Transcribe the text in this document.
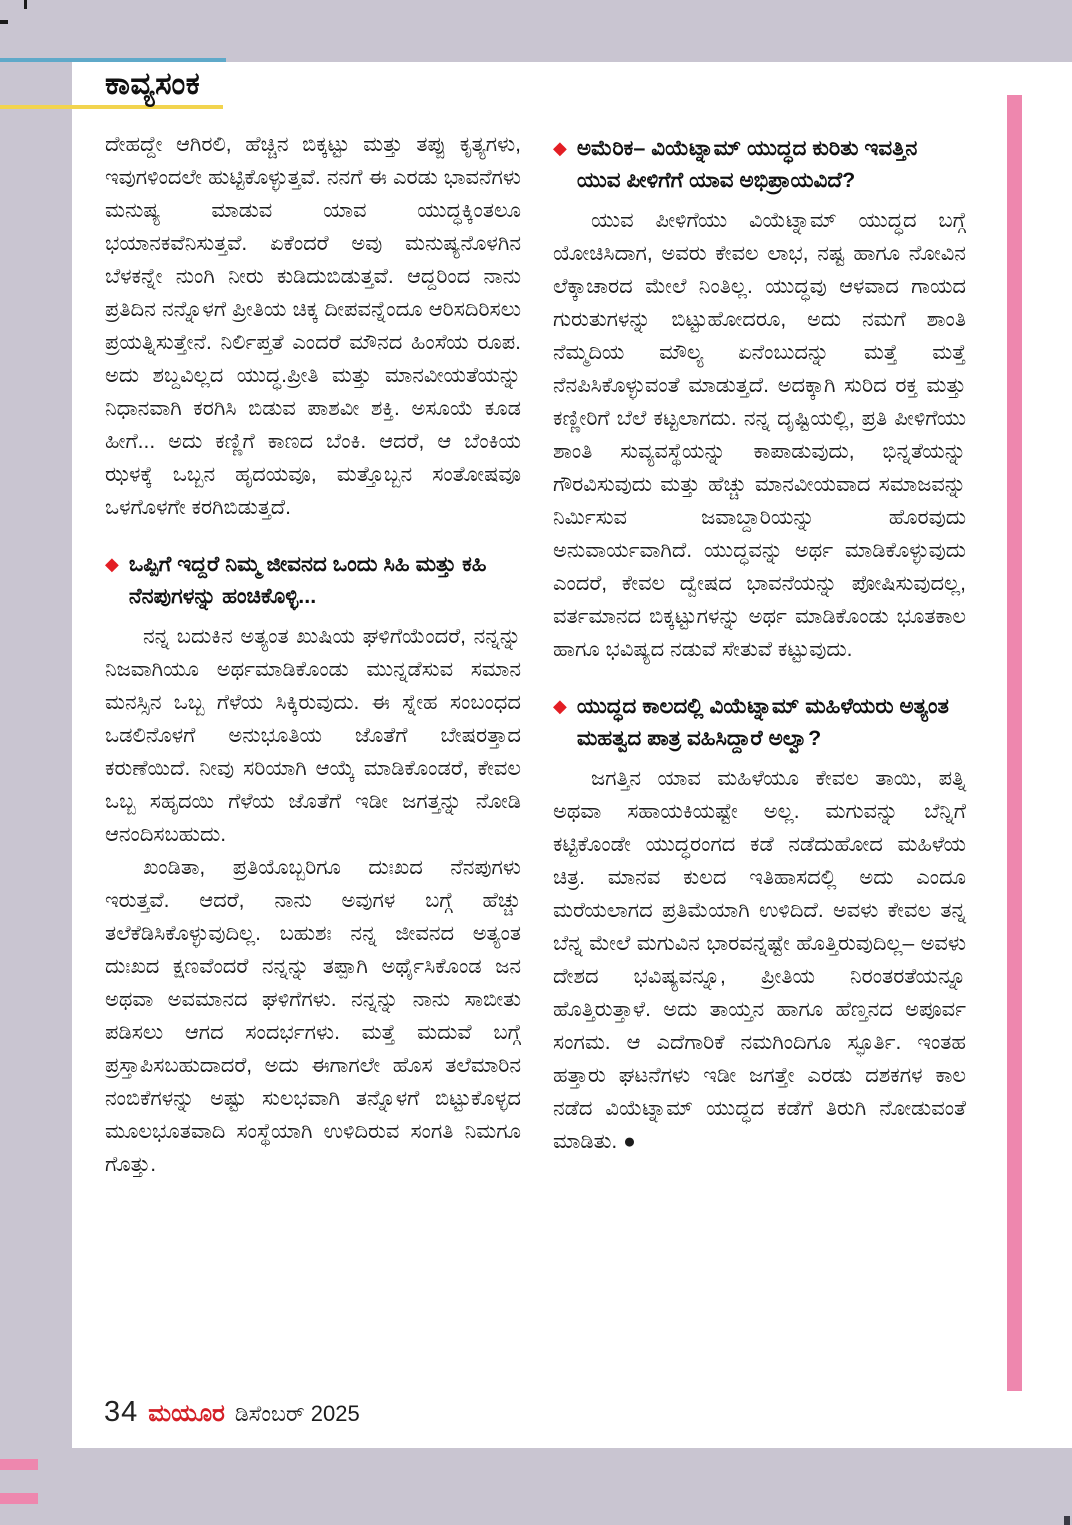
ಕಾವ್ಯಸಂಕ

ದೇಹದ್ದೇ ಆಗಿರಲಿ, ಹೆಚ್ಚಿನ ಬಿಕ್ಕಟ್ಟು ಮತ್ತು ತಪ್ಪು ಕೃತ್ಯಗಳು, ಇವುಗಳಿಂದಲೇ ಹುಟ್ಟಿಕೊಳ್ಳುತ್ತವೆ. ನನಗೆ ಈ ಎರಡು ಭಾವನೆಗಳು ಮನುಷ್ಯ ಮಾಡುವ ಯಾವ ಯುದ್ಧಕ್ಕಿಂತಲೂ ಭಯಾನಕವೆನಿಸುತ್ತವೆ. ಏಕೆಂದರೆ ಅವು ಮನುಷ್ಯನೊಳಗಿನ ಬೆಳಕನ್ನೇ ನುಂಗಿ ನೀರು ಕುಡಿದುಬಿಡುತ್ತವೆ. ಆದ್ದರಿಂದ ನಾನು ಪ್ರತಿದಿನ ನನ್ನೊಳಗೆ ಪ್ರೀತಿಯ ಚಿಕ್ಕ ದೀಪವನ್ನೆಂದೂ ಆರಿಸದಿರಿಸಲು ಪ್ರಯತ್ನಿಸುತ್ತೇನೆ. ನಿರ್ಲಿಪ್ತತೆ ಎಂದರೆ ಮೌನದ ಹಿಂಸೆಯ ರೂಪ. ಅದು ಶಬ್ದವಿಲ್ಲದ ಯುದ್ಧ.ಪ್ರೀತಿ ಮತ್ತು ಮಾನವೀಯತೆಯನ್ನು ನಿಧಾನವಾಗಿ ಕರಗಿಸಿ ಬಿಡುವ ಪಾಶವೀ ಶಕ್ತಿ. ಅಸೂಯೆ ಕೂಡ ಹೀಗೆ... ಅದು ಕಣ್ಣಿಗೆ ಕಾಣದ ಬೆಂಕಿ. ಆದರೆ, ಆ ಬೆಂಕಿಯ ಝಳಕ್ಕೆ ಒಬ್ಬನ ಹೃದಯವೂ, ಮತ್ತೊಬ್ಬನ ಸಂತೋಷವೂ ಒಳಗೊಳಗೇ ಕರಗಿಬಿಡುತ್ತದೆ.

◆ ಒಪ್ಪಿಗೆ ಇದ್ದರೆ ನಿಮ್ಮ ಜೀವನದ ಒಂದು ಸಿಹಿ ಮತ್ತು ಕಹಿ ನೆನಪುಗಳನ್ನು ಹಂಚಿಕೊಳ್ಳಿ...

ನನ್ನ ಬದುಕಿನ ಅತ್ಯಂತ ಖುಷಿಯ ಘಳಿಗೆಯೆಂದರೆ, ನನ್ನನ್ನು ನಿಜವಾಗಿಯೂ ಅರ್ಥಮಾಡಿಕೊಂಡು ಮುನ್ನಡೆಸುವ ಸಮಾನ ಮನಸ್ಸಿನ ಒಬ್ಬ ಗೆಳೆಯ ಸಿಕ್ಕಿರುವುದು. ಈ ಸ್ನೇಹ ಸಂಬಂಧದ ಒಡಲಿನೊಳಗೆ ಅನುಭೂತಿಯ ಜೊತೆಗೆ ಬೇಷರತ್ತಾದ ಕರುಣೆಯಿದೆ. ನೀವು ಸರಿಯಾಗಿ ಆಯ್ಕೆ ಮಾಡಿಕೊಂಡರೆ, ಕೇವಲ ಒಬ್ಬ ಸಹೃದಯಿ ಗೆಳೆಯ ಜೊತೆಗೆ ಇಡೀ ಜಗತ್ತನ್ನು ನೋಡಿ ಆನಂದಿಸಬಹುದು.

ಖಂಡಿತಾ, ಪ್ರತಿಯೊಬ್ಬರಿಗೂ ದುಃಖದ ನೆನಪುಗಳು ಇರುತ್ತವೆ. ಆದರೆ, ನಾನು ಅವುಗಳ ಬಗ್ಗೆ ಹೆಚ್ಚು ತಲೆಕೆಡಿಸಿಕೊಳ್ಳುವುದಿಲ್ಲ. ಬಹುಶಃ ನನ್ನ ಜೀವನದ ಅತ್ಯಂತ ದುಃಖದ ಕ್ಷಣವೆಂದರೆ ನನ್ನನ್ನು ತಪ್ಪಾಗಿ ಅರ್ಥೈಸಿಕೊಂಡ ಜನ ಅಥವಾ ಅವಮಾನದ ಘಳಿಗೆಗಳು. ನನ್ನನ್ನು ನಾನು ಸಾಬೀತು ಪಡಿಸಲು ಆಗದ ಸಂದರ್ಭಗಳು. ಮತ್ತೆ ಮದುವೆ ಬಗ್ಗೆ ಪ್ರಸ್ತಾಪಿಸಬಹುದಾದರೆ, ಅದು ಈಗಾಗಲೇ ಹೊಸ ತಲೆಮಾರಿನ ನಂಬಿಕೆಗಳನ್ನು ಅಷ್ಟು ಸುಲಭವಾಗಿ ತನ್ನೊಳಗೆ ಬಿಟ್ಟುಕೊಳ್ಳದ ಮೂಲಭೂತವಾದಿ ಸಂಸ್ಥೆಯಾಗಿ ಉಳಿದಿರುವ ಸಂಗತಿ ನಿಮಗೂ ಗೊತ್ತು.

◆ ಅಮೆರಿಕ– ವಿಯೆಟ್ನಾಮ್ ಯುದ್ಧದ ಕುರಿತು ಇವತ್ತಿನ ಯುವ ಪೀಳಿಗೆಗೆ ಯಾವ ಅಭಿಪ್ರಾಯವಿದೆ?

ಯುವ ಪೀಳಿಗೆಯು ವಿಯೆಟ್ನಾಮ್ ಯುದ್ಧದ ಬಗ್ಗೆ ಯೋಚಿಸಿದಾಗ, ಅವರು ಕೇವಲ ಲಾಭ, ನಷ್ಟ ಹಾಗೂ ನೋವಿನ ಲೆಕ್ಕಾಚಾರದ ಮೇಲೆ ನಿಂತಿಲ್ಲ. ಯುದ್ಧವು ಆಳವಾದ ಗಾಯದ ಗುರುತುಗಳನ್ನು ಬಿಟ್ಟುಹೋದರೂ, ಅದು ನಮಗೆ ಶಾಂತಿ ನೆಮ್ಮದಿಯ ಮೌಲ್ಯ ಏನೆಂಬುದನ್ನು ಮತ್ತೆ ಮತ್ತೆ ನೆನಪಿಸಿಕೊಳ್ಳುವಂತೆ ಮಾಡುತ್ತದೆ. ಅದಕ್ಕಾಗಿ ಸುರಿದ ರಕ್ತ ಮತ್ತು ಕಣ್ಣೀರಿಗೆ ಬೆಲೆ ಕಟ್ಟಲಾಗದು. ನನ್ನ ದೃಷ್ಟಿಯಲ್ಲಿ, ಪ್ರತಿ ಪೀಳಿಗೆಯು ಶಾಂತಿ ಸುವ್ಯವಸ್ಥೆಯನ್ನು ಕಾಪಾಡುವುದು, ಭಿನ್ನತೆಯನ್ನು ಗೌರವಿಸುವುದು ಮತ್ತು ಹೆಚ್ಚು ಮಾನವೀಯವಾದ ಸಮಾಜವನ್ನು ನಿರ್ಮಿಸುವ ಜವಾಬ್ದಾರಿಯನ್ನು ಹೊರವುದು ಅನುವಾರ್ಯವಾಗಿದೆ. ಯುದ್ಧವನ್ನು ಅರ್ಥ ಮಾಡಿಕೊಳ್ಳುವುದು ಎಂದರೆ, ಕೇವಲ ದ್ವೇಷದ ಭಾವನೆಯನ್ನು ಪೋಷಿಸುವುದಲ್ಲ, ವರ್ತಮಾನದ ಬಿಕ್ಕಟ್ಟುಗಳನ್ನು ಅರ್ಥ ಮಾಡಿಕೊಂಡು ಭೂತಕಾಲ ಹಾಗೂ ಭವಿಷ್ಯದ ನಡುವೆ ಸೇತುವೆ ಕಟ್ಟುವುದು.

◆ ಯುದ್ಧದ ಕಾಲದಲ್ಲಿ ವಿಯೆಟ್ನಾಮ್ ಮಹಿಳೆಯರು ಅತ್ಯಂತ ಮಹತ್ವದ ಪಾತ್ರ ವಹಿಸಿದ್ದಾರೆ ಅಲ್ವಾ?

ಜಗತ್ತಿನ ಯಾವ ಮಹಿಳೆಯೂ ಕೇವಲ ತಾಯಿ, ಪತ್ನಿ ಅಥವಾ ಸಹಾಯಕಿಯಷ್ಟೇ ಅಲ್ಲ. ಮಗುವನ್ನು ಬೆನ್ನಿಗೆ ಕಟ್ಟಿಕೊಂಡೇ ಯುದ್ಧರಂಗದ ಕಡೆ ನಡೆದುಹೋದ ಮಹಿಳೆಯ ಚಿತ್ರ. ಮಾನವ ಕುಲದ ಇತಿಹಾಸದಲ್ಲಿ ಅದು ಎಂದೂ ಮರೆಯಲಾಗದ ಪ್ರತಿಮೆಯಾಗಿ ಉಳಿದಿದೆ. ಅವಳು ಕೇವಲ ತನ್ನ ಬೆನ್ನ ಮೇಲೆ ಮಗುವಿನ ಭಾರವನ್ನಷ್ಟೇ ಹೊತ್ತಿರುವುದಿಲ್ಲ– ಅವಳು ದೇಶದ ಭವಿಷ್ಯವನ್ನೂ, ಪ್ರೀತಿಯ ನಿರಂತರತೆಯನ್ನೂ ಹೊತ್ತಿರುತ್ತಾಳೆ. ಅದು ತಾಯ್ತನ ಹಾಗೂ ಹೆಣ್ತನದ ಅಪೂರ್ವ ಸಂಗಮ. ಆ ಎದೆಗಾರಿಕೆ ನಮಗಿಂದಿಗೂ ಸ್ಫೂರ್ತಿ. ಇಂತಹ ಹತ್ತಾರು ಘಟನೆಗಳು ಇಡೀ ಜಗತ್ತೇ ಎರಡು ದಶಕಗಳ ಕಾಲ ನಡೆದ ವಿಯೆಟ್ನಾಮ್ ಯುದ್ಧದ ಕಡೆಗೆ ತಿರುಗಿ ನೋಡುವಂತೆ ಮಾಡಿತು. ●

34 ಮಯೂರ ಡಿಸೆಂಬರ್ 2025
